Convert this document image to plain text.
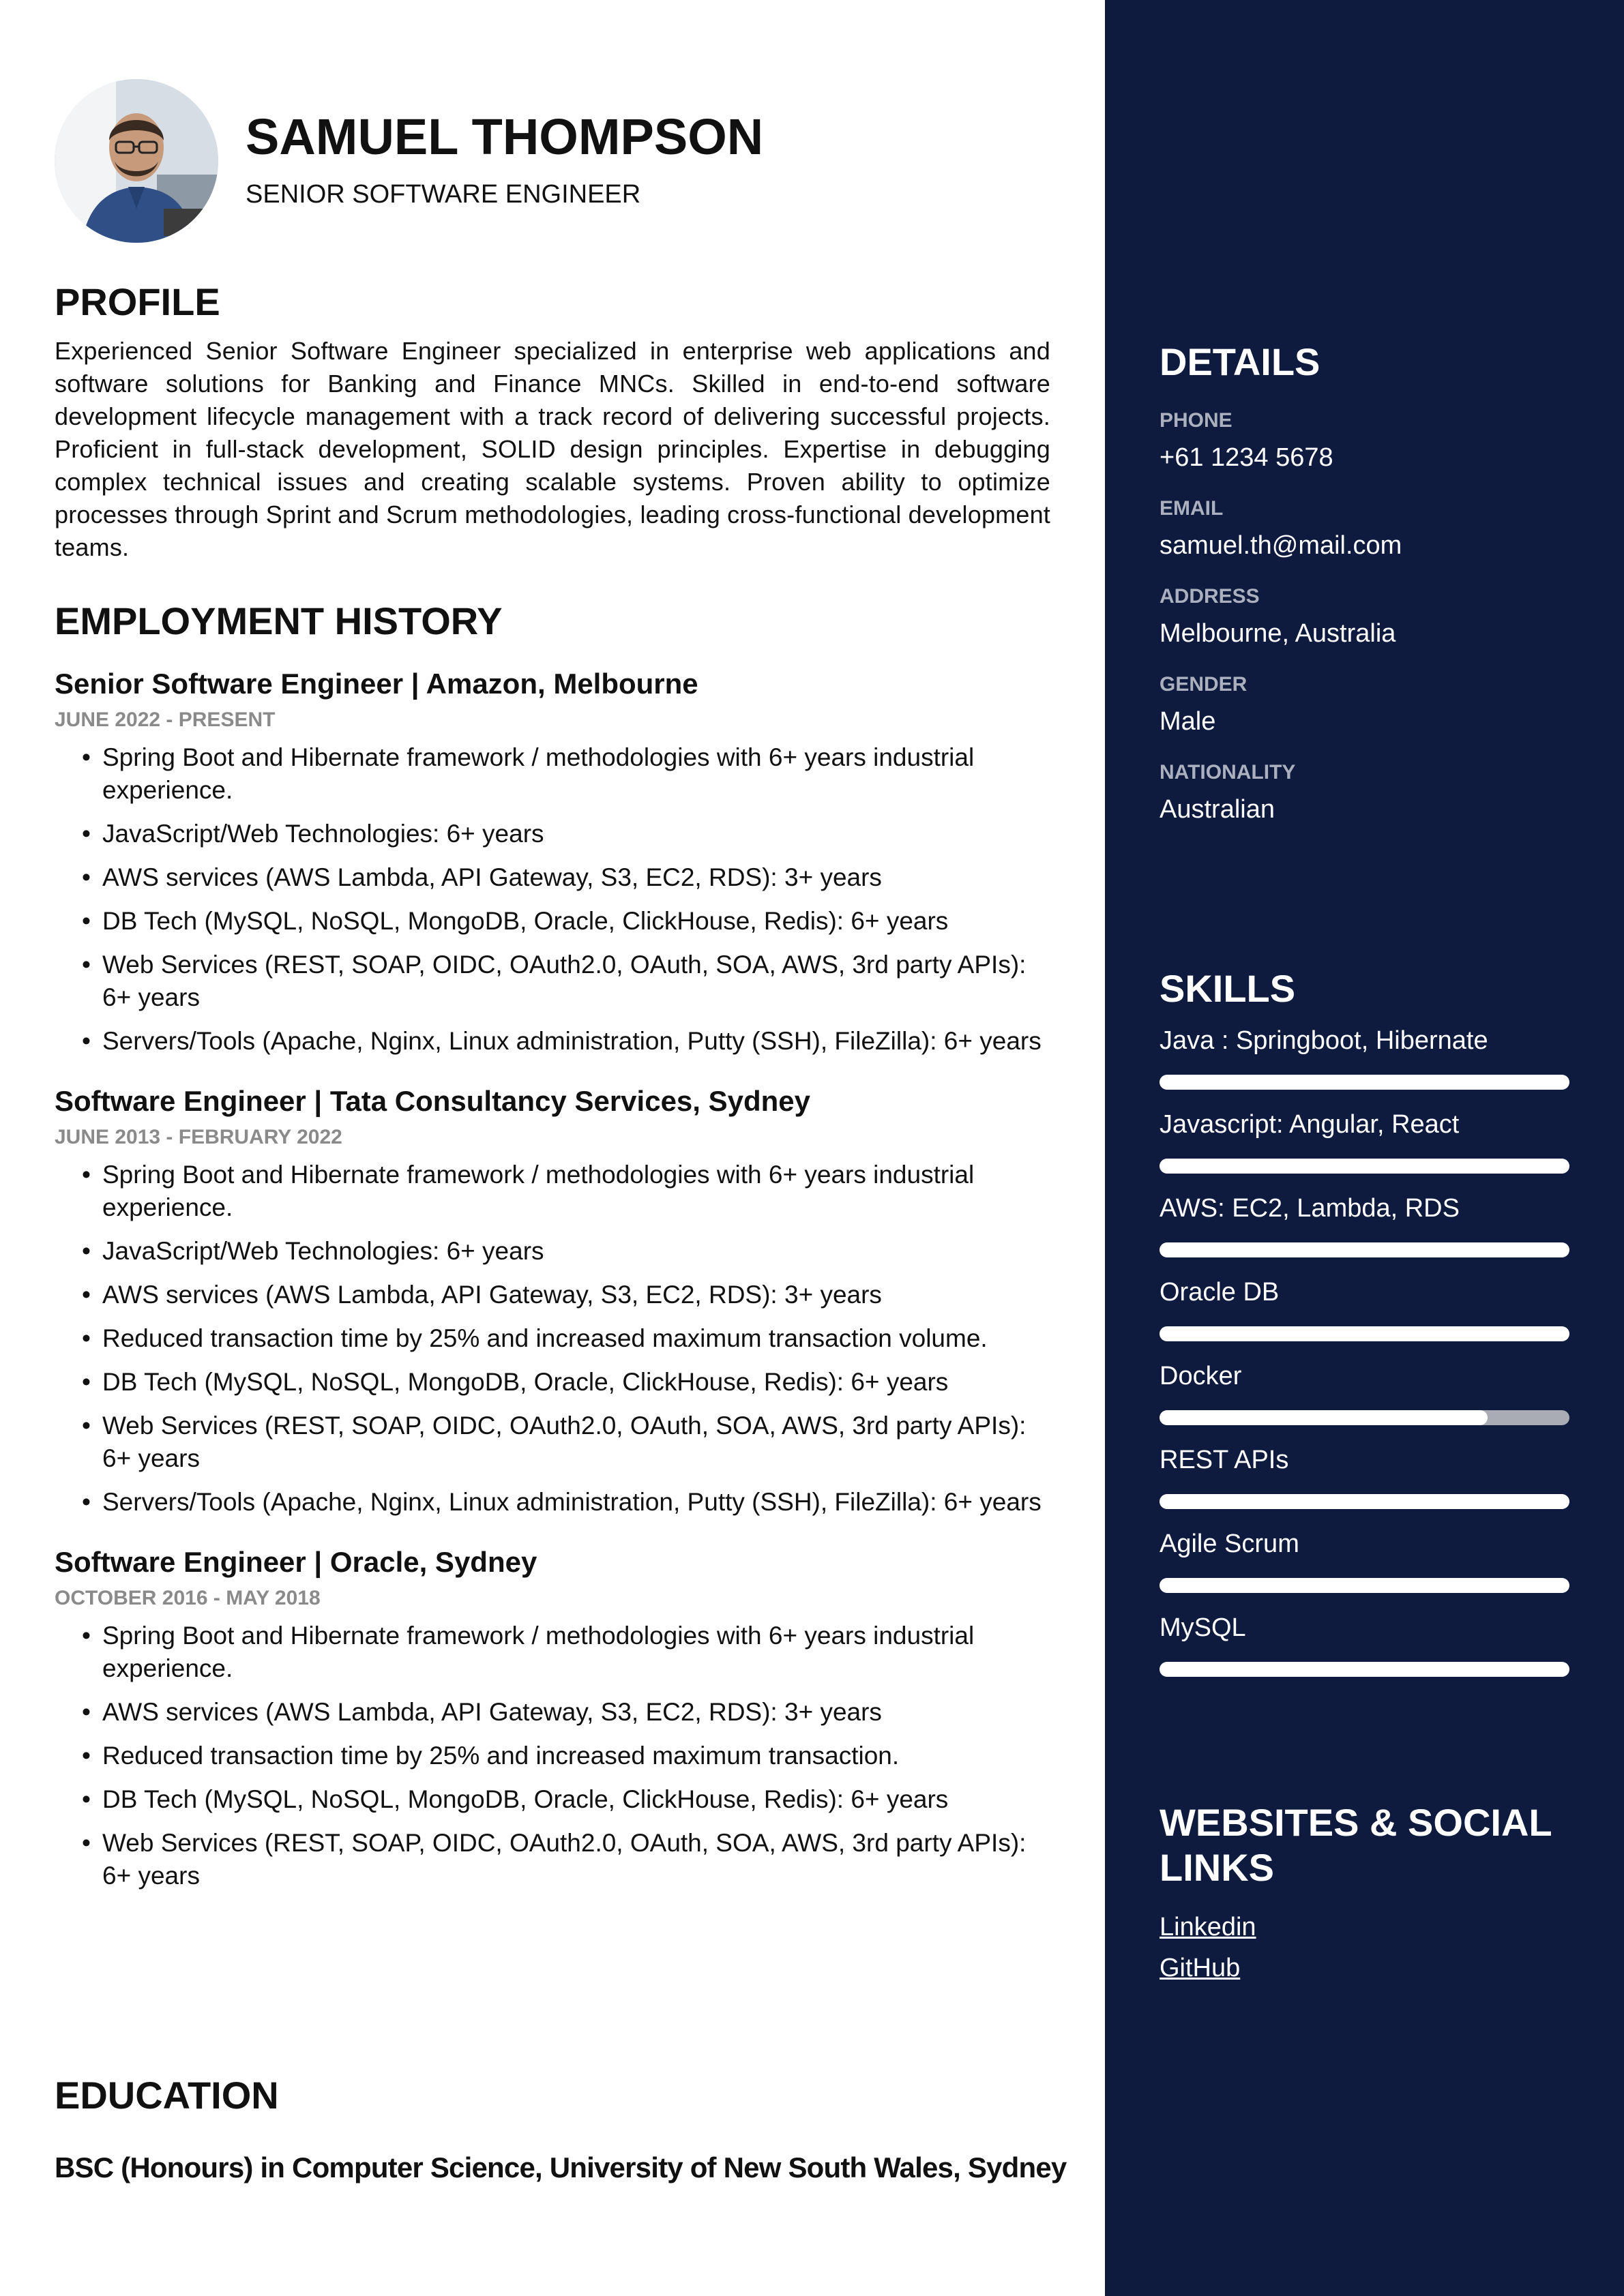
SAMUEL THOMPSON
SENIOR SOFTWARE ENGINEER
PROFILE
Experienced Senior Software Engineer specialized in enterprise web applications and software solutions for Banking and Finance MNCs. Skilled in end-to-end software development lifecycle management with a track record of delivering successful projects. Proficient in full-stack development, SOLID design principles. Expertise in debugging complex technical issues and creating scalable systems. Proven ability to optimize processes through Sprint and Scrum methodologies, leading cross-functional development teams.
EMPLOYMENT HISTORY
Senior Software Engineer | Amazon, Melbourne
JUNE 2022 - PRESENT
• Spring Boot and Hibernate framework / methodologies with 6+ years industrial experience.
• JavaScript/Web Technologies: 6+ years
• AWS services (AWS Lambda, API Gateway, S3, EC2, RDS): 3+ years
• DB Tech (MySQL, NoSQL, MongoDB, Oracle, ClickHouse, Redis): 6+ years
• Web Services (REST, SOAP, OIDC, OAuth2.0, OAuth, SOA, AWS, 3rd party APIs): 6+ years
• Servers/Tools (Apache, Nginx, Linux administration, Putty (SSH), FileZilla): 6+ years
Software Engineer | Tata Consultancy Services, Sydney
JUNE 2013 - FEBRUARY 2022
• Spring Boot and Hibernate framework / methodologies with 6+ years industrial experience.
• JavaScript/Web Technologies: 6+ years
• AWS services (AWS Lambda, API Gateway, S3, EC2, RDS): 3+ years
• Reduced transaction time by 25% and increased maximum transaction volume.
• DB Tech (MySQL, NoSQL, MongoDB, Oracle, ClickHouse, Redis): 6+ years
• Web Services (REST, SOAP, OIDC, OAuth2.0, OAuth, SOA, AWS, 3rd party APIs): 6+ years
• Servers/Tools (Apache, Nginx, Linux administration, Putty (SSH), FileZilla): 6+ years
Software Engineer | Oracle, Sydney
OCTOBER 2016 - MAY 2018
• Spring Boot and Hibernate framework / methodologies with 6+ years industrial experience.
• AWS services (AWS Lambda, API Gateway, S3, EC2, RDS): 3+ years
• Reduced transaction time by 25% and increased maximum transaction.
• DB Tech (MySQL, NoSQL, MongoDB, Oracle, ClickHouse, Redis): 6+ years
• Web Services (REST, SOAP, OIDC, OAuth2.0, OAuth, SOA, AWS, 3rd party APIs): 6+ years
EDUCATION
BSC (Honours) in Computer Science, University of New South Wales, Sydney
DETAILS
PHONE
+61 1234 5678
EMAIL
samuel.th@mail.com
ADDRESS
Melbourne, Australia
GENDER
Male
NATIONALITY
Australian
SKILLS
Java : Springboot, Hibernate
Javascript: Angular, React
AWS: EC2, Lambda, RDS
Oracle DB
Docker
REST APIs
Agile Scrum
MySQL
WEBSITES & SOCIAL LINKS
Linkedin
GitHub
